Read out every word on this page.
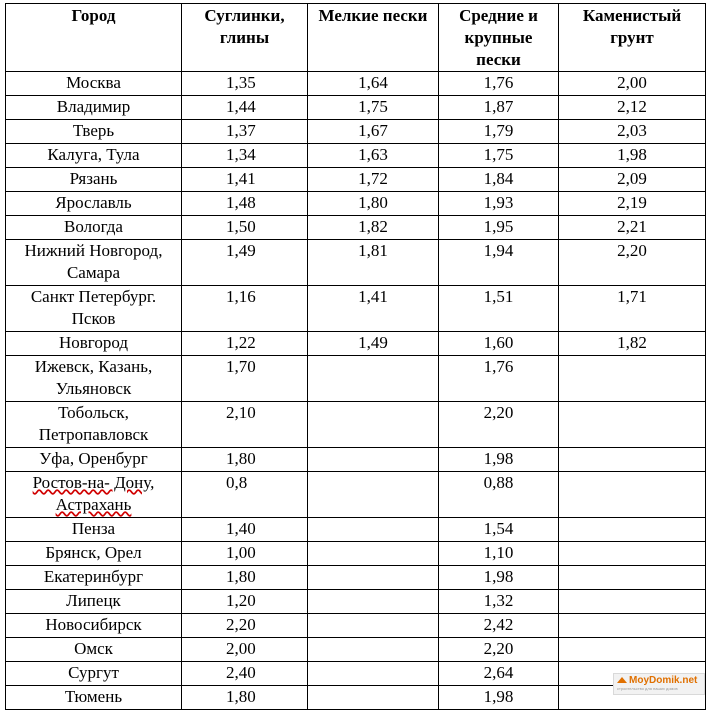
Город	Суглинки, глины	Мелкие пески	Средние и крупные пески	Каменистый грунт
Москва	1,35	1,64	1,76	2,00
Владимир	1,44	1,75	1,87	2,12
Тверь	1,37	1,67	1,79	2,03
Калуга, Тула	1,34	1,63	1,75	1,98
Рязань	1,41	1,72	1,84	2,09
Ярославль	1,48	1,80	1,93	2,19
Вологда	1,50	1,82	1,95	2,21
Нижний Новгород, Самара	1,49	1,81	1,94	2,20
Санкт Петербург. Псков	1,16	1,41	1,51	1,71
Новгород	1,22	1,49	1,60	1,82
Ижевск, Казань, Ульяновск	1,70		1,76	
Тобольск, Петропавловск	2,10		2,20	
Уфа, Оренбург	1,80		1,98	
Ростов-на- Дону, Астрахань	0,8		0,88	
Пенза	1,40		1,54	
Брянск, Орел	1,00		1,10	
Екатеринбург	1,80		1,98	
Липецк	1,20		1,32	
Новосибирск	2,20		2,42	
Омск	2,00		2,20	
Сургут	2,40		2,64	
Тюмень	1,80		1,98	
MoyDomik.net
строительство для наших домов
